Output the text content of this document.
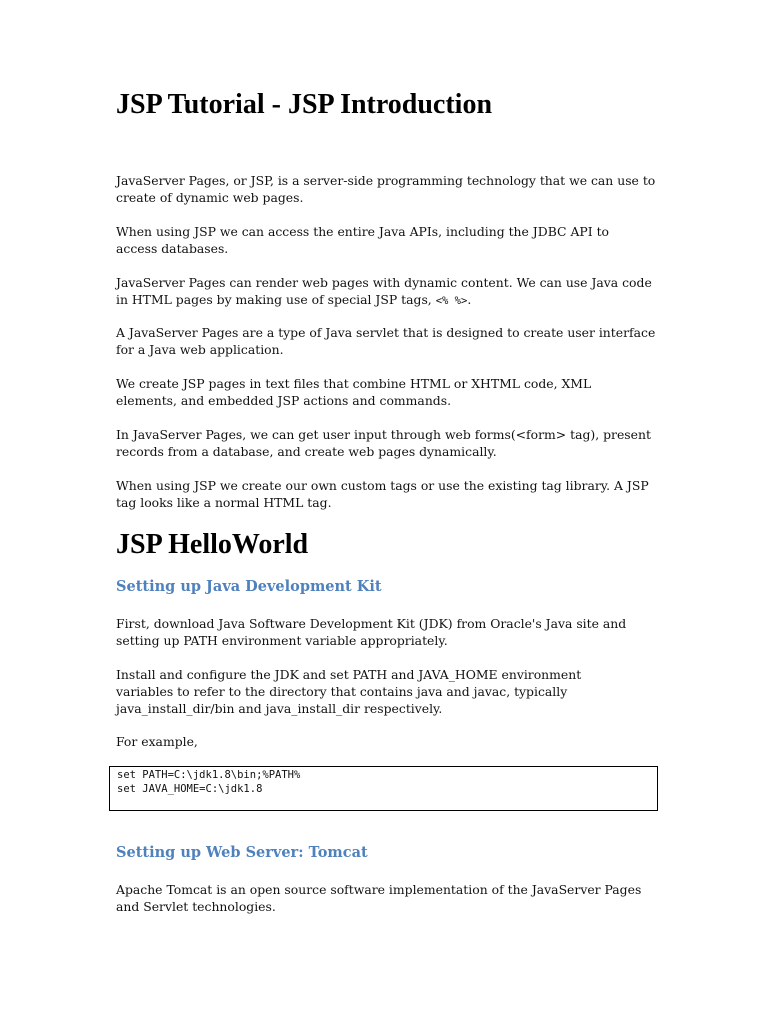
JSP Tutorial - JSP Introduction

JavaServer Pages, or JSP, is a server-side programming technology that we can use to
create of dynamic web pages.

When using JSP we can access the entire Java APIs, including the JDBC API to
access databases.

JavaServer Pages can render web pages with dynamic content. We can use Java code
in HTML pages by making use of special JSP tags, <% %>.

A JavaServer Pages are a type of Java servlet that is designed to create user interface
for a Java web application.

We create JSP pages in text files that combine HTML or XHTML code, XML
elements, and embedded JSP actions and commands.

In JavaServer Pages, we can get user input through web forms(<form> tag), present
records from a database, and create web pages dynamically.

When using JSP we create our own custom tags or use the existing tag library. A JSP
tag looks like a normal HTML tag.

JSP HelloWorld
Setting up Java Development Kit

First, download Java Software Development Kit (JDK) from Oracle's Java site and
setting up PATH environment variable appropriately.

Install and configure the JDK and set PATH and JAVA_HOME environment
variables to refer to the directory that contains java and javac, typically
java_install_dir/bin and java_install_dir respectively.

For example,

set PATH=C:\jdk1.8\bin;%PATH%
set JAVA_HOME=C:\jdk1.8
Setting up Web Server: Tomcat

Apache Tomcat is an open source software implementation of the JavaServer Pages
and Servlet technologies.
